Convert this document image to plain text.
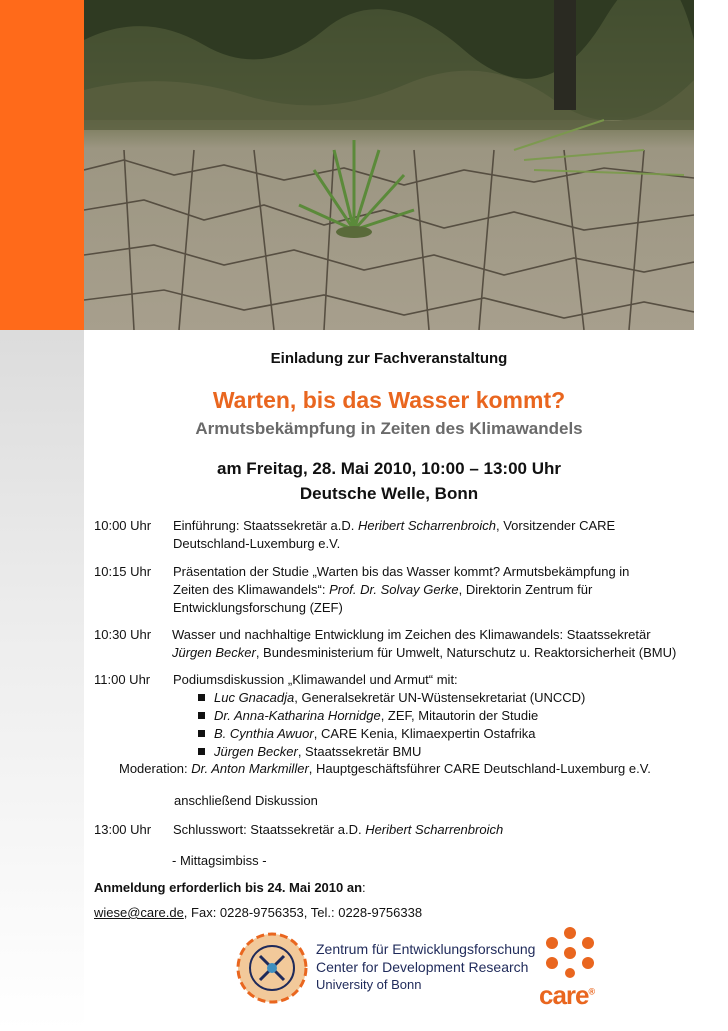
Einladung zur Fachveranstaltung
Warten, bis das Wasser kommt?
Armutsbekämpfung in Zeiten des Klimawandels
am Freitag, 28. Mai 2010, 10:00 – 13:00 Uhr
Deutsche Welle, Bonn
10:00 Uhr	Einführung: Staatssekretär a.D. Heribert Scharrenbroich, Vorsitzender CARE
Deutschland-Luxemburg e.V.
10:15 Uhr	Präsentation der Studie „Warten bis das Wasser kommt? Armutsbekämpfung in
Zeiten des Klimawandels“: Prof. Dr. Solvay Gerke, Direktorin Zentrum für
Entwicklungsforschung (ZEF)
10:30 Uhr	Wasser und nachhaltige Entwicklung im Zeichen des Klimawandels: Staatssekretär
Jürgen Becker, Bundesministerium für Umwelt, Naturschutz u. Reaktorsicherheit (BMU)
11:00 Uhr	Podiumsdiskussion „Klimawandel und Armut“ mit:
Luc Gnacadja, Generalsekretär UN-Wüstensekretariat (UNCCD)
Dr. Anna-Katharina Hornidge, ZEF, Mitautorin der Studie
B. Cynthia Awuor, CARE Kenia, Klimaexpertin Ostafrika
Jürgen Becker, Staatssekretär BMU
Moderation: Dr. Anton Markmiller, Hauptgeschäftsführer CARE Deutschland-Luxemburg e.V.
anschließend Diskussion
13:00 Uhr	Schlusswort: Staatssekretär a.D. Heribert Scharrenbroich
- Mittagsimbiss -
Anmeldung erforderlich bis 24. Mai 2010 an:
wiese@care.de, Fax: 0228-9756353, Tel.: 0228-9756338
Zentrum für Entwicklungsforschung
Center for Development Research
University of Bonn	care®
